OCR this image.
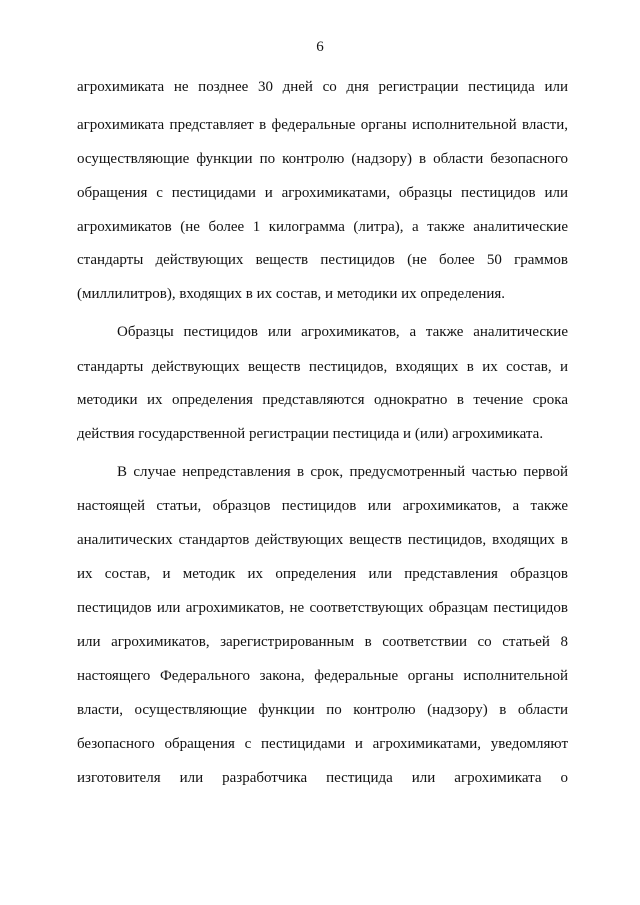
6
агрохимиката не позднее 30 дней со дня регистрации пестицида или
агрохимиката представляет в федеральные органы исполнительной власти,
осуществляющие функции по контролю (надзору) в области безопасного
обращения с пестицидами и агрохимикатами, образцы пестицидов или
агрохимикатов (не более 1 килограмма (литра), а также аналитические
стандарты действующих веществ пестицидов (не более 50 граммов
(миллилитров), входящих в их состав, и методики их определения.
Образцы пестицидов или агрохимикатов, а также аналитические
стандарты действующих веществ пестицидов, входящих в их состав, и
методики их определения представляются однократно в течение срока
действия государственной регистрации пестицида и (или) агрохимиката.
В случае непредставления в срок, предусмотренный частью первой
настоящей статьи, образцов пестицидов или агрохимикатов, а также
аналитических стандартов действующих веществ пестицидов, входящих в
их состав, и методик их определения или представления образцов
пестицидов или агрохимикатов, не соответствующих образцам пестицидов
или агрохимикатов, зарегистрированным в соответствии со статьей 8
настоящего Федерального закона, федеральные органы исполнительной
власти, осуществляющие функции по контролю (надзору) в области
безопасного обращения с пестицидами и агрохимикатами, уведомляют
изготовителя или разработчика пестицида или агрохимиката о
